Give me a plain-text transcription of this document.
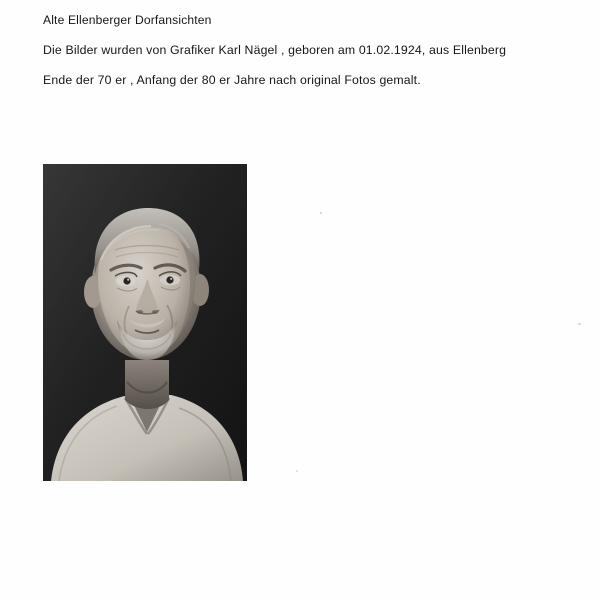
Alte Ellenberger Dorfansichten
Die Bilder wurden von Grafiker Karl Nägel , geboren am 01.02.1924, aus Ellenberg
Ende der 70 er , Anfang der 80 er Jahre nach original Fotos gemalt.
